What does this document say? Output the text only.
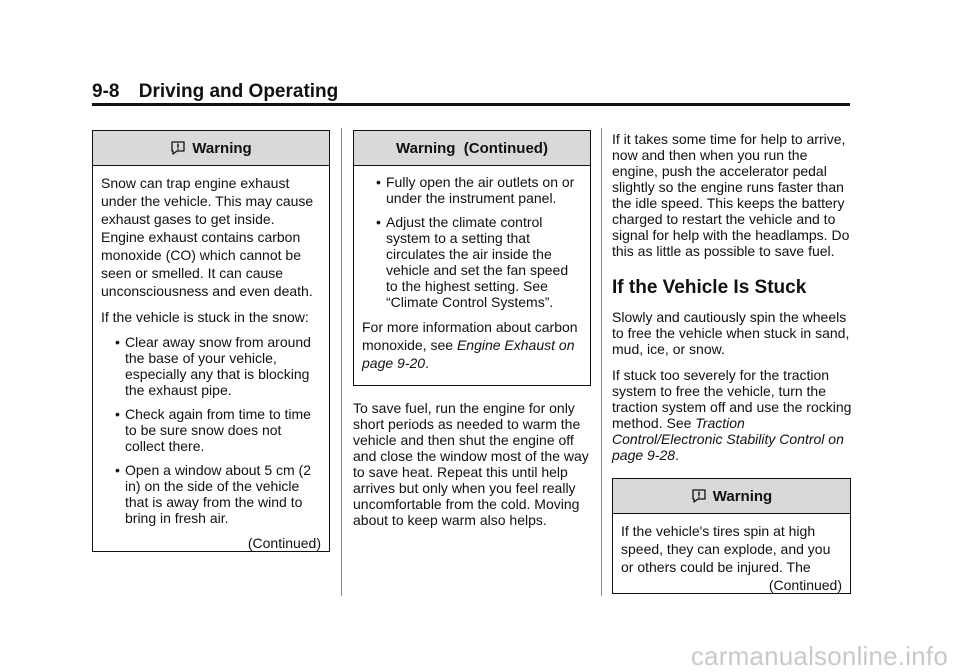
9-8 Driving and Operating
Warning

Snow can trap engine exhaust under the vehicle. This may cause exhaust gases to get inside. Engine exhaust contains carbon monoxide (CO) which cannot be seen or smelled. It can cause unconsciousness and even death.

If the vehicle is stuck in the snow:

• Clear away snow from around the base of your vehicle, especially any that is blocking the exhaust pipe.
• Check again from time to time to be sure snow does not collect there.
• Open a window about 5 cm (2 in) on the side of the vehicle that is away from the wind to bring in fresh air.

(Continued)

Warning  (Continued)
• Fully open the air outlets on or under the instrument panel.
• Adjust the climate control system to a setting that circulates the air inside the vehicle and set the fan speed to the highest setting. See “Climate Control Systems”.

For more information about carbon monoxide, see Engine Exhaust on page 9-20.

To save fuel, run the engine for only short periods as needed to warm the vehicle and then shut the engine off and close the window most of the way to save heat. Repeat this until help arrives but only when you feel really uncomfortable from the cold. Moving about to keep warm also helps.

If it takes some time for help to arrive, now and then when you run the engine, push the accelerator pedal slightly so the engine runs faster than the idle speed. This keeps the battery charged to restart the vehicle and to signal for help with the headlamps. Do this as little as possible to save fuel.

If the Vehicle Is Stuck

Slowly and cautiously spin the wheels to free the vehicle when stuck in sand, mud, ice, or snow.

If stuck too severely for the traction system to free the vehicle, turn the traction system off and use the rocking method. See Traction Control/Electronic Stability Control on page 9-28.

Warning

If the vehicle's tires spin at high speed, they can explode, and you or others could be injured. The

(Continued)

carmanualsonline.info
